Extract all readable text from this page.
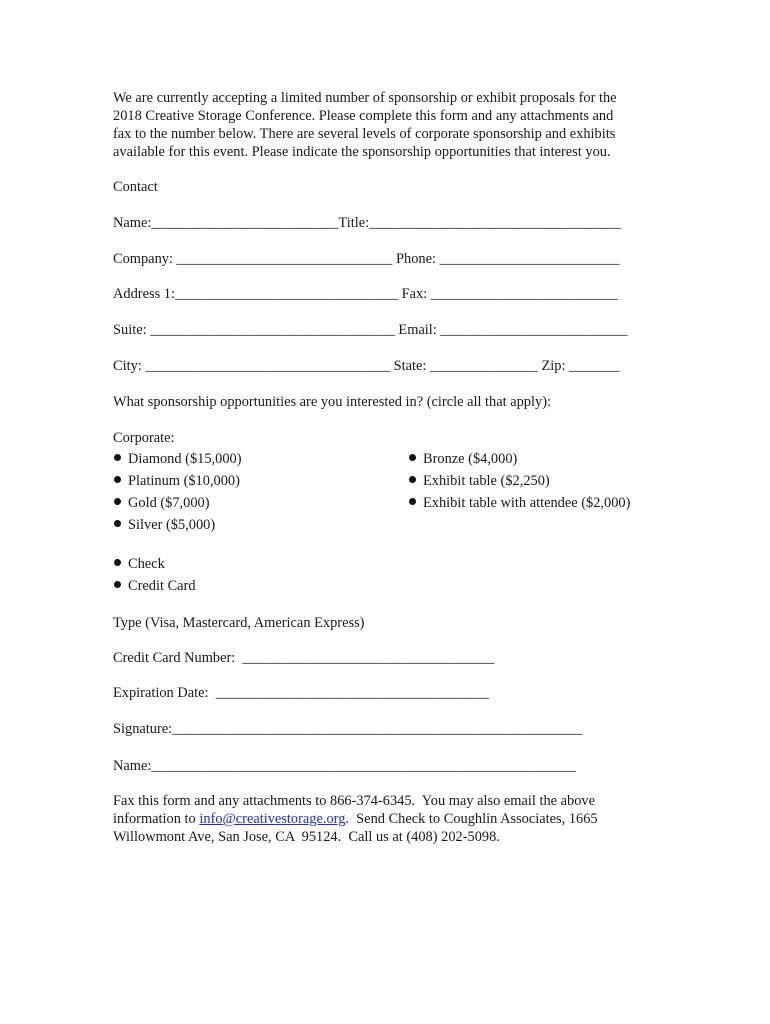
We are currently accepting a limited number of sponsorship or exhibit proposals for the
2018 Creative Storage Conference. Please complete this form and any attachments and
fax to the number below. There are several levels of corporate sponsorship and exhibits
available for this event. Please indicate the sponsorship opportunities that interest you.
Contact
Name:__________________________Title:___________________________________
Company: ______________________________ Phone: _________________________
Address 1:_______________________________ Fax: __________________________
Suite: __________________________________ Email: __________________________
City: __________________________________ State: _______________ Zip: _______
What sponsorship opportunities are you interested in? (circle all that apply):
Corporate:
Diamond ($15,000)
Platinum ($10,000)
Gold ($7,000)
Silver ($5,000)
Bronze ($4,000)
Exhibit table ($2,250)
Exhibit table with attendee ($2,000)
Check
Credit Card
Type (Visa, Mastercard, American Express)
Credit Card Number:  ___________________________________
Expiration Date:  ______________________________________
Signature:_________________________________________________________
Name:___________________________________________________________
Fax this form and any attachments to 866-374-6345.  You may also email the above
information to info@creativestorage.org.  Send Check to Coughlin Associates, 1665
Willowmont Ave, San Jose, CA  95124.  Call us at (408) 202-5098.
